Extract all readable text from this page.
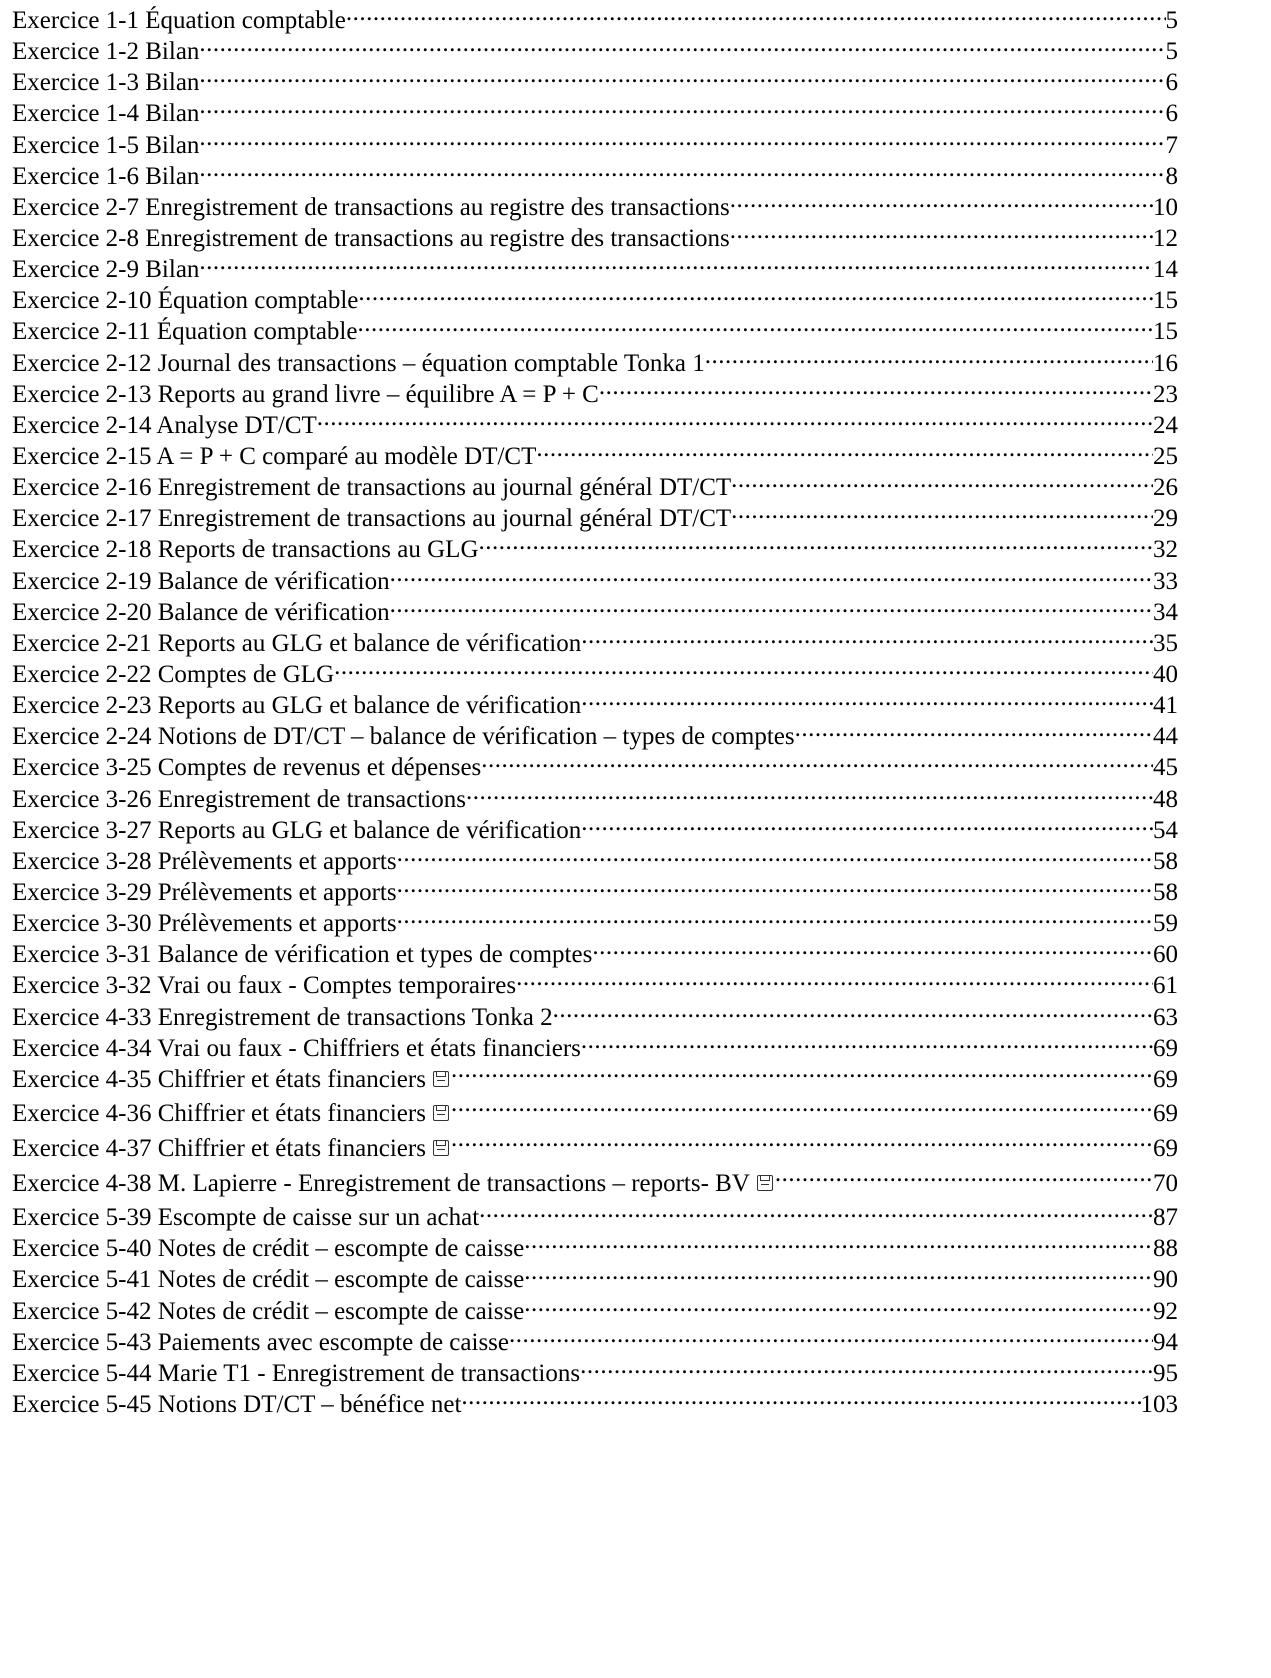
Exercice 1-1 Équation comptable .....	5
Exercice 1-2 Bilan .....	5
Exercice 1-3 Bilan .....	6
Exercice 1-4 Bilan .....	6
Exercice 1-5 Bilan .....	7
Exercice 1-6 Bilan .....	8
Exercice 2-7 Enregistrement de transactions au registre des transactions .....	10
Exercice 2-8 Enregistrement de transactions au registre des transactions .....	12
Exercice 2-9 Bilan .....	14
Exercice 2-10 Équation comptable .....	15
Exercice 2-11 Équation comptable .....	15
Exercice 2-12 Journal des transactions – équation comptable Tonka 1 .....	16
Exercice 2-13 Reports au grand livre – équilibre A = P + C .....	23
Exercice 2-14 Analyse DT/CT .....	24
Exercice 2-15 A = P + C comparé au modèle DT/CT .....	25
Exercice 2-16 Enregistrement de transactions au journal général DT/CT .....	26
Exercice 2-17 Enregistrement de transactions au journal général DT/CT .....	29
Exercice 2-18 Reports de transactions au GLG .....	32
Exercice 2-19 Balance de vérification .....	33
Exercice 2-20 Balance de vérification .....	34
Exercice 2-21 Reports au GLG et balance de vérification .....	35
Exercice 2-22 Comptes de GLG .....	40
Exercice 2-23 Reports au GLG et balance de vérification .....	41
Exercice 2-24 Notions de DT/CT – balance de vérification – types de comptes .....	44
Exercice 3-25 Comptes de revenus et dépenses .....	45
Exercice 3-26 Enregistrement de transactions .....	48
Exercice 3-27 Reports au GLG et balance de vérification .....	54
Exercice 3-28 Prélèvements et apports .....	58
Exercice 3-29 Prélèvements et apports .....	58
Exercice 3-30 Prélèvements et apports .....	59
Exercice 3-31 Balance de vérification et types de comptes .....	60
Exercice 3-32 Vrai ou faux - Comptes temporaires .....	61
Exercice 4-33 Enregistrement de transactions Tonka 2 .....	63
Exercice 4-34 Vrai ou faux - Chiffriers et états financiers .....	69
Exercice 4-35 Chiffrier et états financiers .....	69
Exercice 4-36 Chiffrier et états financiers .....	69
Exercice 4-37 Chiffrier et états financiers .....	69
Exercice 4-38 M. Lapierre - Enregistrement de transactions – reports- BV .....	70
Exercice 5-39 Escompte de caisse sur un achat .....	87
Exercice 5-40 Notes de crédit – escompte de caisse .....	88
Exercice 5-41 Notes de crédit – escompte de caisse .....	90
Exercice 5-42 Notes de crédit – escompte de caisse .....	92
Exercice 5-43 Paiements avec escompte de caisse .....	94
Exercice 5-44 Marie T1 - Enregistrement de transactions .....	95
Exercice 5-45 Notions DT/CT – bénéfice net .....	103
